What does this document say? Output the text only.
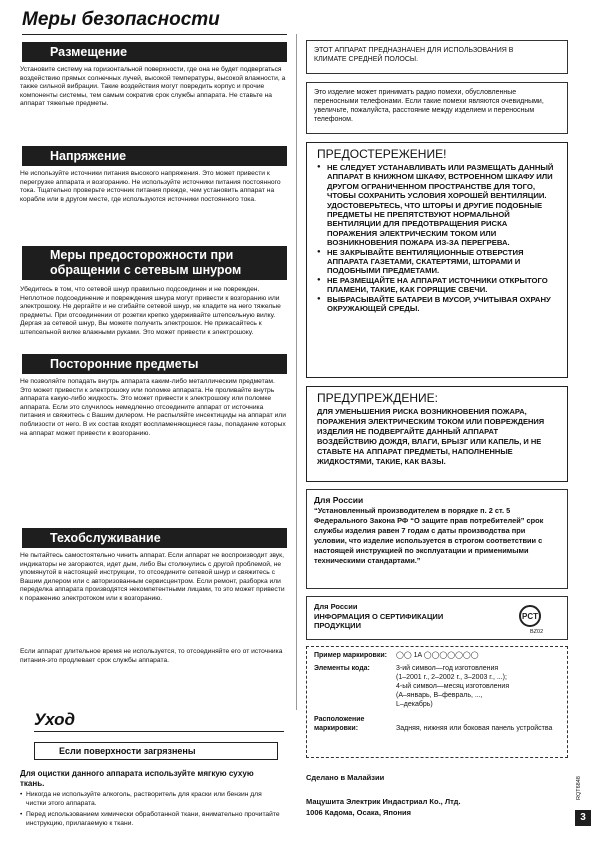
Меры безопасности
Размещение
Установите систему на горизонтальной поверхности, где она не будет подвергаться воздействию прямых солнечных лучей, высокой температуры, высокой влажности, а также сильной вибрации. Такие воздействия могут повредить корпус и прочие компоненты системы, тем самым сократив срок службы аппарата. Не ставьте на аппарат тяжелые предметы.
Напряжение
Не используйте источники питания высокого напряжения. Это может привести к перегрузке аппарата и возгоранию. Не используйте источники питания постоянного тока. Тщательно проверьте источник питания прежде, чем установить аппарат на корабле или в другом месте, где используются источники постоянного тока.
Меры предосторожности при
обращении с сетевым шнуром
Убедитесь в том, что сетевой шнур правильно подсоединен и не поврежден. Неплотное подсоединение и повреждения шнура могут привести к возгоранию или электрошоку. Не дергайте и не сгибайте сетевой шнур, не кладите на него тяжелые предметы. При отсоединении от розетки крепко удерживайте штепсельную вилку. Дергая за сетевой шнур, Вы можете получить электрошок. Не прикасайтесь к штепсельной вилке влажными руками. Это может привести к электрошоку.
Посторонние предметы
Не позволяйте попадать внутрь аппарата каким-либо металлическим предметам. Это может привести к электрошоку или поломке аппарата. Не проливайте внутрь аппарата какую-либо жидкость. Это может привести к электрошоку или поломке аппарата. Если это случилось немедленно отсоедините аппарат от источника питания и свяжитесь с Вашим дилером. Не распыляйте инсектициды на аппарат или поблизости от него. В их состав входят воспламеняющиеся газы, попадание которых на аппарат может привести к возгоранию.
Техобслуживание
Не пытайтесь самостоятельно чинить аппарат. Если аппарат не воспроизводит звук, индикаторы не загораются, идет дым, либо Вы столкнулись с другой проблемой, не упомянутой в настоящей инструкции, то отсоедините сетевой шнур и свяжитесь с Вашим дилером или с авторизованным сервисцентром. Если ремонт, разборка или переделка аппарата производятся некомпетентными лицами, то это может привести к поражению электротоком или к возгоранию.
Если аппарат длительное время не используется, то отсоединяйте его от источника питания-это продлевает срок службы аппарата.
Уход
Если поверхности загрязнены
Для оцистки данного аппарата используйте мягкую сухую ткань.
• Никогда не используйте алкоголь, растворитель для краски или бензин для чистки этого аппарата.
• Перед использованием химически обработанной ткани, внимательно прочитайте инструкцию, прилагаемую к ткани.
ЭТОТ АППАРАТ ПРЕДНАЗНАЧЕН ДЛЯ ИСПОЛЬЗОВАНИЯ В КЛИМАТЕ СРЕДНЕЙ ПОЛОСЫ.
Это изделие может приниматъ радио помехи, обусловленные переносными телефонами. Если такие помехи являются очевидными, увеличьте, пожалуйста, расстояние между изделием и переносным телефоном.
ПРЕДОСТЕРЕЖЕНИЕ!
● НЕ СЛЕДУЕТ УСТАНАВЛИВАТЬ ИЛИ РАЗМЕЩАТЬ ДАННЫЙ АППАРАТ В КНИЖНОМ ШКАФУ, ВСТРОЕННОМ ШКАФУ ИЛИ ДРУГОМ ОГРАНИЧЕННОМ ПРОСТРАНСТВЕ ДЛЯ ТОГО, ЧТОБЫ СОХРАНИТЬ УСЛОВИЯ ХОРОШЕЙ ВЕНТИЛЯЦИИ. УДОСТОВЕРЬТЕСЬ, ЧТО ШТОРЫ И ДРУГИЕ ПОДОБНЫЕ ПРЕДМЕТЫ НЕ ПРЕПЯТСТВУЮТ НОРМАЛЬНОЙ ВЕНТИЛЯЦИИ ДЛЯ ПРЕДОТВРАЩЕНИЯ РИСКА ПОРАЖЕНИЯ ЭЛЕКТРИЧЕСКИМ ТОКОМ ИЛИ ВОЗНИКНОВЕНИЯ ПОЖАРА ИЗ-ЗА ПЕРЕГРЕВА.
● НЕ ЗАКРЫВАЙТЕ ВЕНТИЛЯЦИОННЫЕ ОТВЕРСТИЯ АППАРАТА ГАЗЕТАМИ, СКАТЕРТЯМИ, ШТОРАМИ И ПОДОБНЫМИ ПРЕДМЕТАМИ.
● НЕ РАЗМЕЩАЙТЕ НА АППАРАТ ИСТОЧНИКИ ОТКРЫТОГО ПЛАМЕНИ, ТАКИЕ, КАК ГОРЯЩИЕ СВЕЧИ.
● ВЫБРАСЫВАЙТЕ БАТАРЕИ В МУСОР, УЧИТЫВАЯ ОХРАНУ ОКРУЖАЮЩЕЙ СРЕДЫ.
ПРЕДУПРЕЖДЕНИЕ:
ДЛЯ УМЕНЬШЕНИЯ РИСКА ВОЗНИКНОВЕНИЯ ПОЖАРА, ПОРАЖЕНИЯ ЭЛЕКТРИЧЕСКИМ ТОКОМ ИЛИ ПОВРЕЖДЕНИЯ ИЗДЕЛИЯ НЕ ПОДВЕРГАЙТЕ ДАННЫЙ АППАРАТ ВОЗДЕЙСТВИЮ ДОЖДЯ, ВЛАГИ, БРЫЗГ ИЛИ КАПЕЛЬ, И НЕ СТАВЬТЕ НА АППАРАТ ПРЕДМЕТЫ, НАПОЛНЕННЫЕ ЖИДКОСТЯМИ, ТАКИЕ, КАК ВАЗЫ.
Для России
“Установленный производителем в порядке п. 2 ст. 5 Федерального Закона РФ “О защите прав потребителей” срок службы изделия равен 7 годам с даты производства при условии, что изделие используется в строгом соответствии с настоящей инструкцией по эксплуатации и применимыми техническими стандартами.”
Для России
ИНФОРМАЦИЯ О СЕРТИФИКАЦИИ
ПРОДУКЦИИ
PCT
BZ02
Пример маркировки:	◯◯ 1A ◯◯◯◯◯◯◯
Элементы кода:	3-ий символ—год изготовления
(1–2001 г., 2–2002 г., 3–2003 г., ...);
4-ый символ—месяц изготовления
(A–январь, B–февраль, ...,
L–декабрь)
Расположение
маркировки:	Задняя, нижняя или боковая панель устройства
Сделано в Малайзии
Мацушита Электрик Индастриал Ко., Лтд.
1006 Кадома, Осака, Япония
RQT6848
3
